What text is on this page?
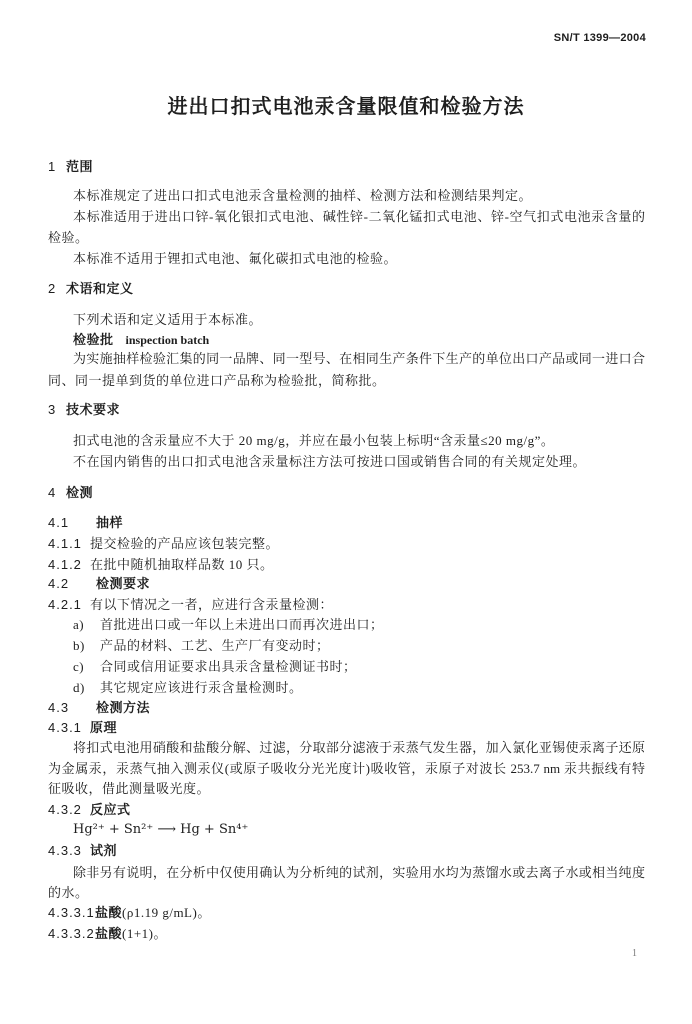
SN/T 1399—2004
进出口扣式电池汞含量限值和检验方法
1 范围
本标准规定了进出口扣式电池汞含量检测的抽样、检测方法和检测结果判定。
本标准适用于进出口锌-氧化银扣式电池、碱性锌-二氧化锰扣式电池、锌-空气扣式电池汞含量的
检验。
本标准不适用于锂扣式电池、氟化碳扣式电池的检验。
2 术语和定义
下列术语和定义适用于本标准。
检验批 inspection batch
为实施抽样检验汇集的同一品牌、同一型号、在相同生产条件下生产的单位出口产品或同一进口合
同、同一提单到货的单位进口产品称为检验批，简称批。
3 技术要求
扣式电池的含汞量应不大于 20 mg/g，并应在最小包装上标明“含汞量≤20 mg/g”。
不在国内销售的出口扣式电池含汞量标注方法可按进口国或销售合同的有关规定处理。
4 检测
4.1 抽样
4.1.1 提交检验的产品应该包装完整。
4.1.2 在批中随机抽取样品数 10 只。
4.2 检测要求
4.2.1 有以下情况之一者，应进行含汞量检测：
a) 首批进出口或一年以上未进出口而再次进出口；
b) 产品的材料、工艺、生产厂有变动时；
c) 合同或信用证要求出具汞含量检测证书时；
d) 其它规定应该进行汞含量检测时。
4.3 检测方法
4.3.1 原理
将扣式电池用硝酸和盐酸分解、过滤，分取部分滤液于汞蒸气发生器，加入氯化亚锡使汞离子还原
为金属汞，汞蒸气抽入测汞仪(或原子吸收分光光度计)吸收管，汞原子对波长 253.7 nm 汞共振线有特
征吸收，借此测量吸光度。
4.3.2 反应式
Hg²⁺ + Sn²⁺ ⟶ Hg + Sn⁴⁺
4.3.3 试剂
除非另有说明，在分析中仅使用确认为分析纯的试剂，实验用水均为蒸馏水或去离子水或相当纯度
的水。
4.3.3.1盐酸(ρ1.19 g/mL)。
4.3.3.2盐酸(1+1)。
1
